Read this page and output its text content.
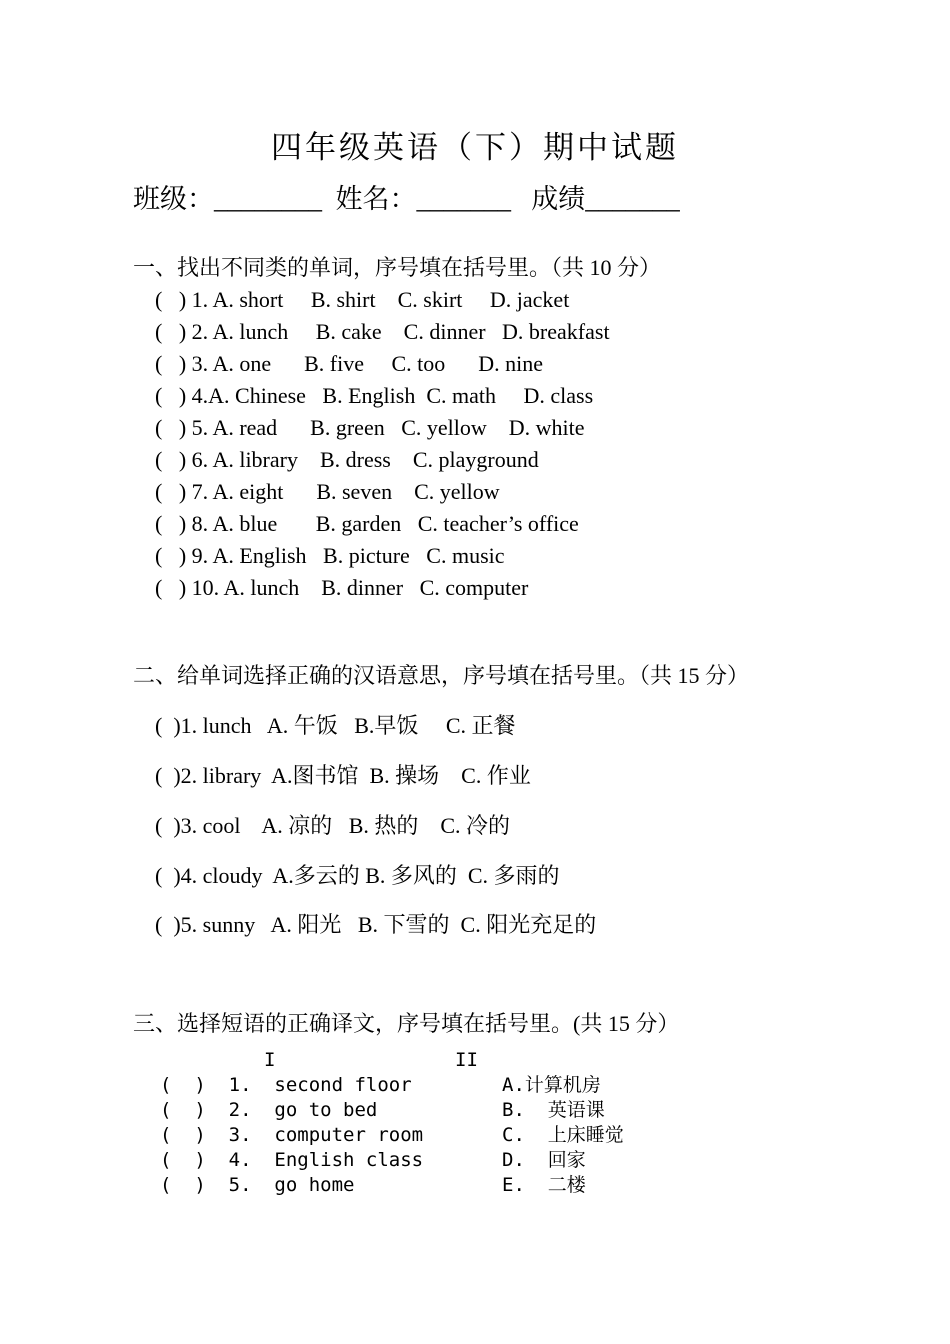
四年级英语（下）期中试题
班级：________  姓名：_______   成绩_______
一、找出不同类的单词，序号填在括号里。（共 10 分）
(   ) 1. A. short     B. shirt    C. skirt     D. jacket
(   ) 2. A. lunch     B. cake    C. dinner   D. breakfast
(   ) 3. A. one      B. five     C. too      D. nine
(   ) 4.A. Chinese   B. English  C. math     D. class
(   ) 5. A. read      B. green   C. yellow    D. white
(   ) 6. A. library    B. dress    C. playground
(   ) 7. A. eight      B. seven    C. yellow
(   ) 8. A. blue       B. garden   C. teacher’s office
(   ) 9. A. English   B. picture   C. music
(   ) 10. A. lunch    B. dinner   C. computer
二、给单词选择正确的汉语意思，序号填在括号里。（共 15 分）
(  )1. lunch   A. 午饭   B.早饭     C. 正餐
(  )2. library  A.图书馆  B. 操场    C. 作业
(  )3. cool    A. 凉的   B. 热的    C. 冷的
(  )4. cloudy  A.多云的 B. 多风的  C. 多雨的
(  )5. sunny   A. 阳光   B. 下雪的  C. 阳光充足的
三、选择短语的正确译文，序号填在括号里。(共 15 分）
I	II
(  )  1.  second floor	A.计算机房
(  )  2.  go to bed	B.  英语课
(  )  3.  computer room	C.  上床睡觉
(  )  4.  English class	D.  回家
(  )  5.  go home	E.  二楼
